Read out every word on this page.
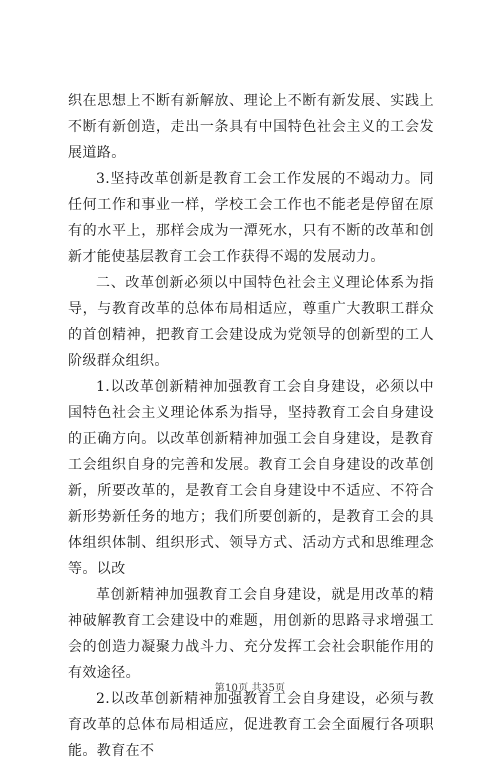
织在思想上不断有新解放、理论上不断有新发展、实践上不断有新创造，走出一条具有中国特色社会主义的工会发展道路。

3.坚持改革创新是教育工会工作发展的不竭动力。同任何工作和事业一样，学校工会工作也不能老是停留在原有的水平上，那样会成为一潭死水，只有不断的改革和创新才能使基层教育工会工作获得不竭的发展动力。

二、改革创新必须以中国特色社会主义理论体系为指导，与教育改革的总体布局相适应，尊重广大教职工群众的首创精神，把教育工会建设成为党领导的创新型的工人阶级群众组织。

1.以改革创新精神加强教育工会自身建设，必须以中国特色社会主义理论体系为指导，坚持教育工会自身建设的正确方向。以改革创新精神加强工会自身建设，是教育工会组织自身的完善和发展。教育工会自身建设的改革创新，所要改革的，是教育工会自身建设中不适应、不符合新形势新任务的地方；我们所要创新的，是教育工会的具体组织体制、组织形式、领导方式、活动方式和思维理念等。以改

革创新精神加强教育工会自身建设，就是用改革的精神破解教育工会建设中的难题，用创新的思路寻求增强工会的创造力凝聚力战斗力、充分发挥工会社会职能作用的有效途径。

2.以改革创新精神加强教育工会自身建设，必须与教育改革的总体布局相适应，促进教育工会全面履行各项职能。教育在不

第10页 共35页
